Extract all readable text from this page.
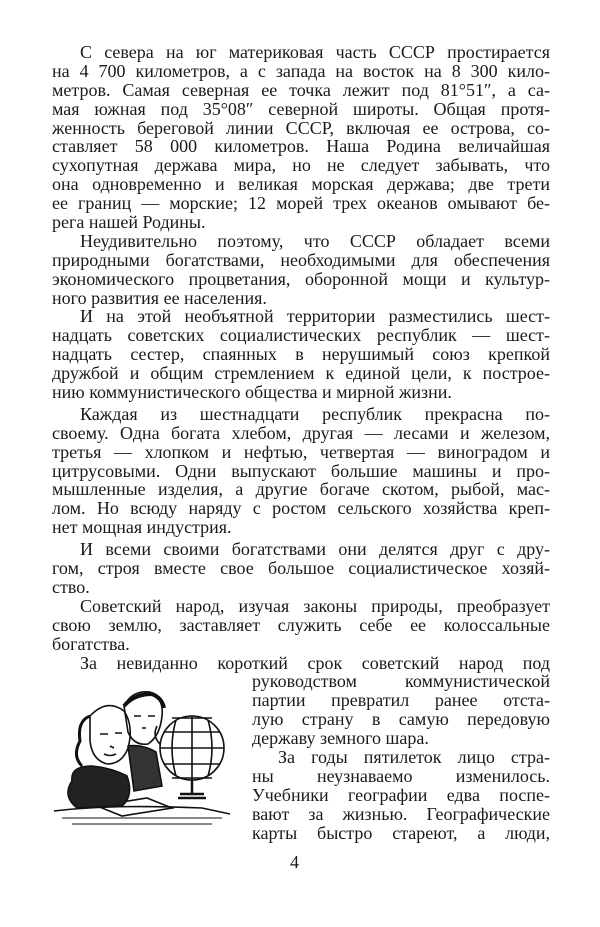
С севера на юг материковая часть СССР простирается
на 4 700 километров, а с запада на восток на 8 300 кило-
метров. Самая северная ее точка лежит под 81°51″, а са-
мая южная под 35°08″ северной широты. Общая протя-
женность береговой линии СССР, включая ее острова, со-
ставляет 58 000 километров. Наша Родина величайшая
сухопутная держава мира, но не следует забывать, что
она одновременно и великая морская держава; две трети
ее границ — морские; 12 морей трех океанов омывают бе-
рега нашей Родины.
Неудивительно поэтому, что СССР обладает всеми
природными богатствами, необходимыми для обеспечения
экономического процветания, оборонной мощи и культур-
ного развития ее населения.
И на этой необъятной территории разместились шест-
надцать советских социалистических республик — шест-
надцать сестер, спаянных в нерушимый союз крепкой
дружбой и общим стремлением к единой цели, к построе-
нию коммунистического общества и мирной жизни.
Каждая из шестнадцати республик прекрасна по-
своему. Одна богата хлебом, другая — лесами и железом,
третья — хлопком и нефтью, четвертая — виноградом и
цитрусовыми. Одни выпускают большие машины и про-
мышленные изделия, а другие богаче скотом, рыбой, мас-
лом. Но всюду наряду с ростом сельского хозяйства креп-
нет мощная индустрия.
И всеми своими богатствами они делятся друг с дру-
гом, строя вместе свое большое социалистическое хозяй-
ство.
Советский народ, изучая законы природы, преобразует
свою землю, заставляет служить себе ее колоссальные
богатства.
За невиданно короткий срок советский народ под
руководством коммунистической
партии превратил ранее отста-
лую страну в самую передовую
державу земного шара.
За годы пятилеток лицо стра-
ны неузнаваемо изменилось.
Учебники географии едва поспе-
вают за жизнью. Географические
карты быстро стареют, а люди,
4
